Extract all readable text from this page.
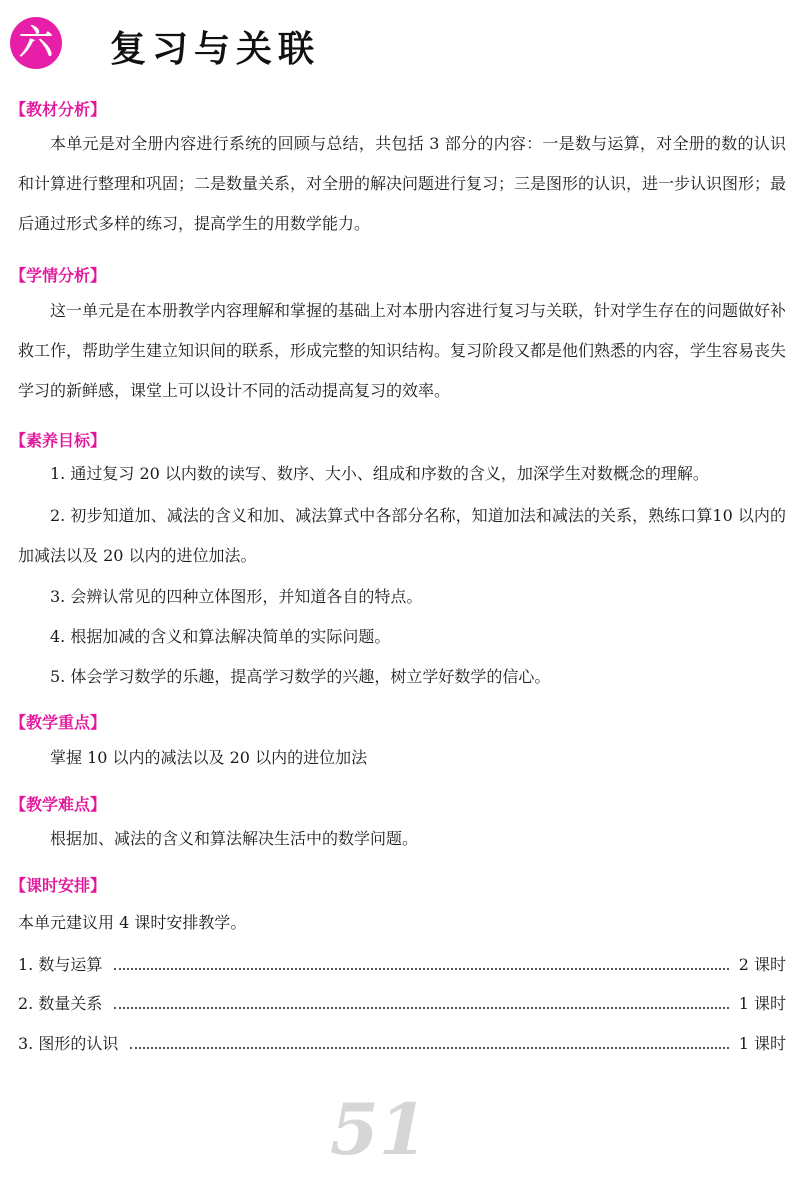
六 复习与关联
【教材分析】

本单元是对全册内容进行系统的回顾与总结，共包括 3 部分的内容：一是数与运算，对全册的数的认识和计算进行整理和巩固；二是数量关系，对全册的解决问题进行复习；三是图形的认识，进一步认识图形；最后通过形式多样的练习，提高学生的用数学能力。

【学情分析】

这一单元是在本册教学内容理解和掌握的基础上对本册内容进行复习与关联，针对学生存在的问题做好补救工作，帮助学生建立知识间的联系，形成完整的知识结构。复习阶段又都是他们熟悉的内容，学生容易丧失学习的新鲜感，课堂上可以设计不同的活动提高复习的效率。

【素养目标】

1. 通过复习 20 以内数的读写、数序、大小、组成和序数的含义，加深学生对数概念的理解。

2. 初步知道加、减法的含义和加、减法算式中各部分名称，知道加法和减法的关系，熟练口算10 以内的加减法以及 20 以内的进位加法。

3. 会辨认常见的四种立体图形，并知道各自的特点。

4. 根据加减的含义和算法解决简单的实际问题。

5. 体会学习数学的乐趣，提高学习数学的兴趣，树立学好数学的信心。

【教学重点】

掌握 10 以内的减法以及 20 以内的进位加法

【教学难点】

根据加、减法的含义和算法解决生活中的数学问题。

【课时安排】
本单元建议用 4 课时安排教学。
1. 数与运算	2 课时
2. 数量关系	1 课时
3. 图形的认识	1 课时
51
